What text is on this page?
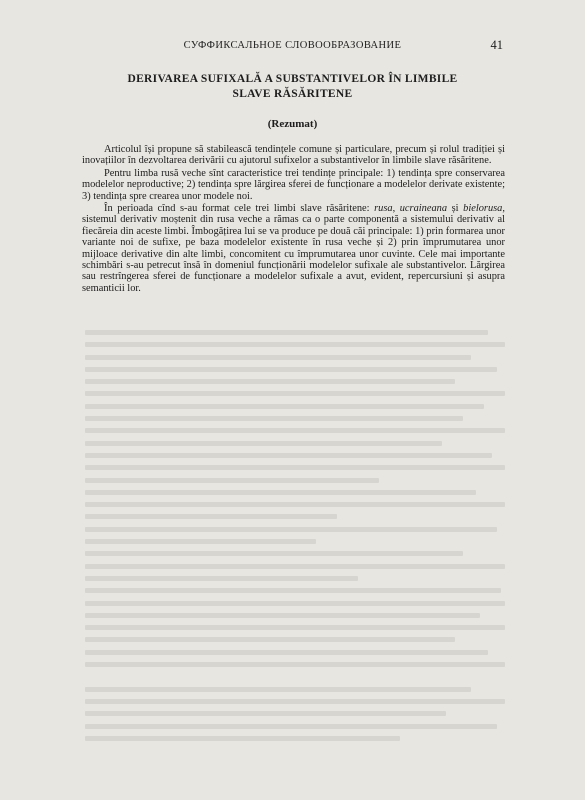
СУФФИКСАЛЬНОЕ СЛОВООБРАЗОВАНИЕ	41
DERIVAREA SUFIXALĂ A SUBSTANTIVELOR ÎN LIMBILE
SLAVE RĂSĂRITENE
(Rezumat)

Articolul își propune să stabilească tendințele comune și particulare, precum și rolul tradiției și inovațiilor în dezvoltarea derivării cu ajutorul sufixelor a substantivelor în limbile slave răsăritene.

Pentru limba rusă veche sînt caracteristice trei tendințe principale: 1) tendința spre conservarea modelelor neproductive; 2) tendința spre lărgirea sferei de funcționare a modelelor derivate existente; 3) tendința spre crearea unor modele noi.

În perioada cînd s-au format cele trei limbi slave răsăritene: rusa, ucraineana și bielorusa, sistemul derivativ moștenit din rusa veche a rămas ca o parte componentă a sistemului derivativ al fiecăreia din aceste limbi. Îmbogățirea lui se va produce pe două căi principale: 1) prin formarea unor variante noi de sufixe, pe baza modelelor existente în rusa veche și 2) prin împrumutarea unor mijloace derivative din alte limbi, concomitent cu împrumutarea unor cuvinte. Cele mai importante schimbări s-au petrecut însă în domeniul funcționării modelelor sufixale ale substantivelor. Lărgirea sau restrîngerea sferei de funcționare a modelelor sufixale a avut, evident, repercursiuni și asupra semanticii lor.
